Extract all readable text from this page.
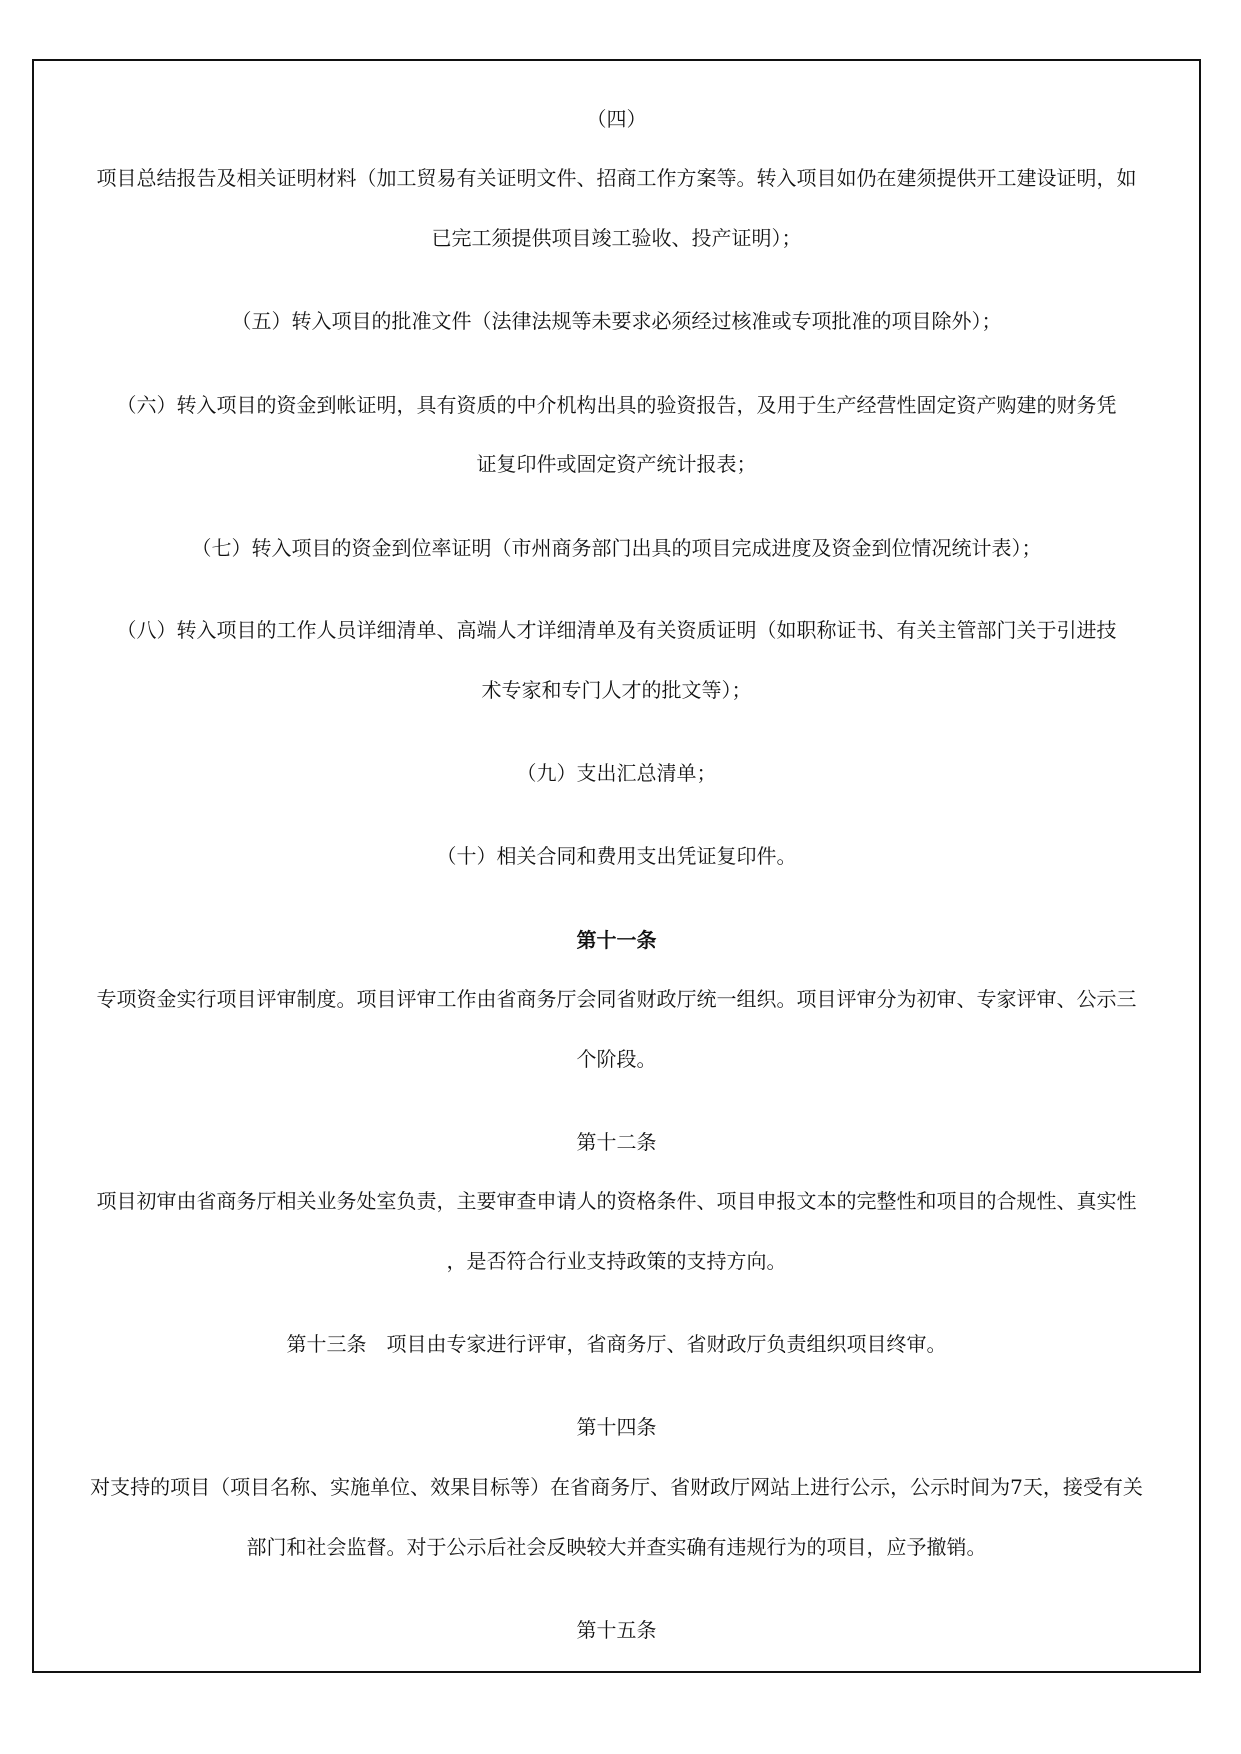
（四）
项目总结报告及相关证明材料（加工贸易有关证明文件、招商工作方案等。转入项目如仍在建须提供开工建设证明，如
已完工须提供项目竣工验收、投产证明）；
（五）转入项目的批准文件（法律法规等未要求必须经过核准或专项批准的项目除外）；
（六）转入项目的资金到帐证明，具有资质的中介机构出具的验资报告，及用于生产经营性固定资产购建的财务凭
证复印件或固定资产统计报表；
（七）转入项目的资金到位率证明（市州商务部门出具的项目完成进度及资金到位情况统计表）；
（八）转入项目的工作人员详细清单、高端人才详细清单及有关资质证明（如职称证书、有关主管部门关于引进技
术专家和专门人才的批文等）；
（九）支出汇总清单；
（十）相关合同和费用支出凭证复印件。
第十一条
专项资金实行项目评审制度。项目评审工作由省商务厅会同省财政厅统一组织。项目评审分为初审、专家评审、公示三
个阶段。
第十二条
项目初审由省商务厅相关业务处室负责，主要审查申请人的资格条件、项目申报文本的完整性和项目的合规性、真实性
，是否符合行业支持政策的支持方向。
第十三条　项目由专家进行评审，省商务厅、省财政厅负责组织项目终审。
第十四条
对支持的项目（项目名称、实施单位、效果目标等）在省商务厅、省财政厅网站上进行公示，公示时间为7天，接受有关
部门和社会监督。对于公示后社会反映较大并查实确有违规行为的项目，应予撤销。
第十五条
